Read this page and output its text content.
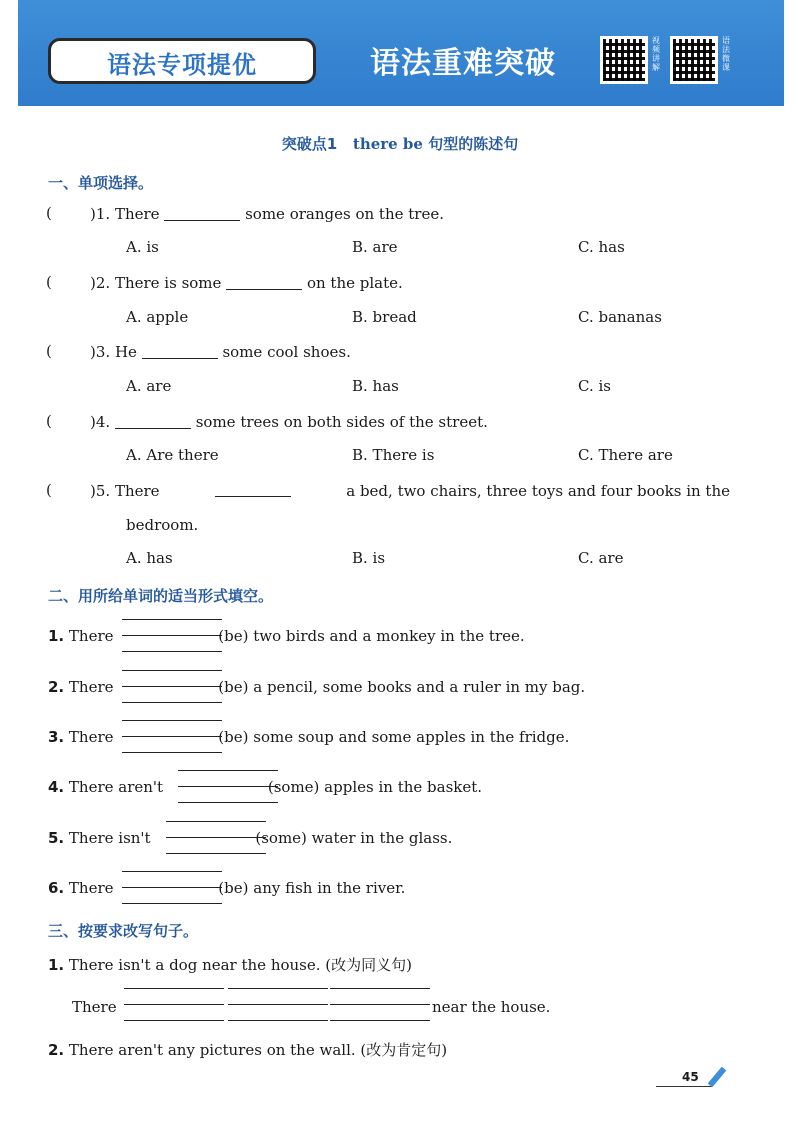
语法专项提优	语法重难突破
视频讲解
语法微课
突破点1 there be 句型的陈述句
一、单项选择。
(	)1. There	some oranges on the tree.
A. is	B. are	C. has
(	)2. There is some	on the plate.
A. apple	B. bread	C. bananas
(	)3. He	some cool shoes.
A. are	B. has	C. is
(	)4.	some trees on both sides of the street.
A. Are there	B. There is	C. There are
(	)5. There	a bed, two chairs, three toys and four books in the
bedroom.
A. has	B. is	C. are
二、用所给单词的适当形式填空。
1. There	(be) two birds and a monkey in the tree.
2. There	(be) a pencil, some books and a ruler in my bag.
3. There	(be) some soup and some apples in the fridge.
4. There aren't	(some) apples in the basket.
5. There isn't	(some) water in the glass.
6. There	(be) any fish in the river.
三、按要求改写句子。
1. There isn't a dog near the house. (改为同义句)
There	near the house.
2. There aren't any pictures on the wall. (改为肯定句)
45
